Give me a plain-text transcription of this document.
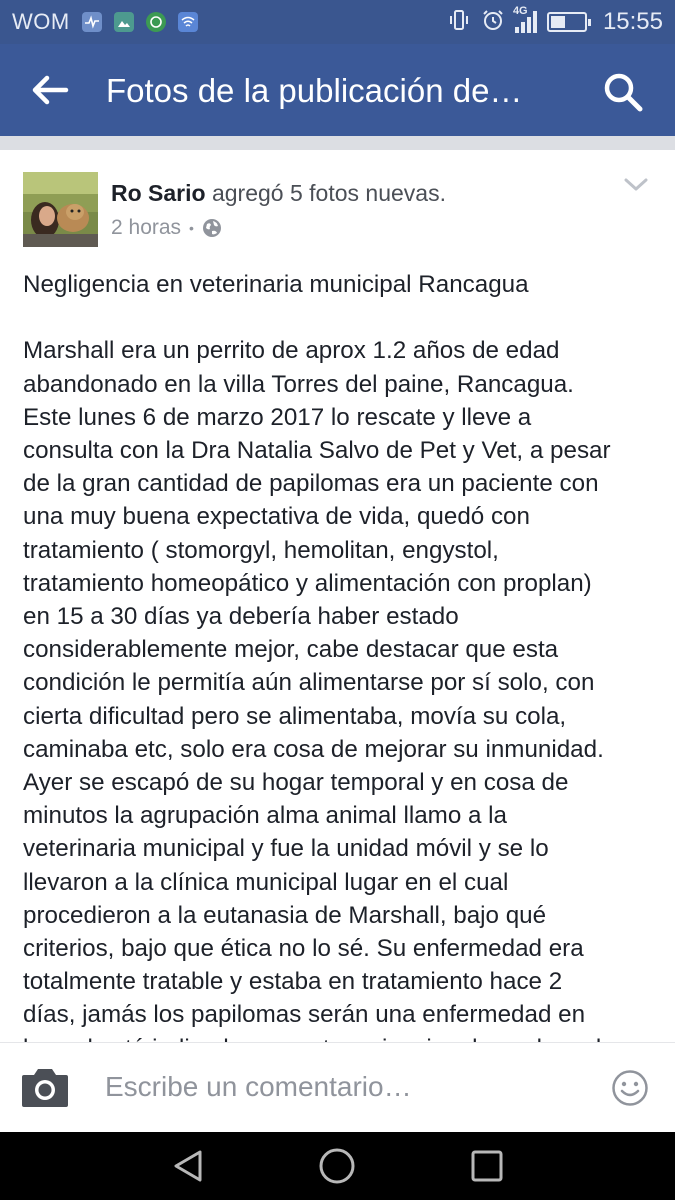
WOM	4G	15:55
Fotos de la publicación de…
Ro Sario agregó 5 fotos nuevas.
2 horas •
Negligencia en veterinaria municipal Rancagua

Marshall era un perrito de aprox 1.2 años de edad
abandonado en la villa Torres del paine, Rancagua.
Este lunes 6 de marzo 2017 lo rescate y lleve a
consulta con la Dra Natalia Salvo de Pet y Vet, a pesar
de la gran cantidad de papilomas era un paciente con
una muy buena expectativa de vida, quedó con
tratamiento ( stomorgyl, hemolitan, engystol,
tratamiento homeopático y alimentación con proplan)
en 15 a 30 días ya debería haber estado
considerablemente mejor, cabe destacar que esta
condición le permitía aún alimentarse por sí solo, con
cierta dificultad pero se alimentaba, movía su cola,
caminaba etc, solo era cosa de mejorar su inmunidad.
Ayer se escapó de su hogar temporal y en cosa de
minutos la agrupación alma animal llamo a la
veterinaria municipal y fue la unidad móvil y se lo
llevaron a la clínica municipal lugar en el cual
procedieron a la eutanasia de Marshall, bajo qué
criterios, bajo que ética no lo sé. Su enfermedad era
totalmente tratable y estaba en tratamiento hace 2
días, jamás los papilomas serán una enfermedad en

Escribe un comentario…
